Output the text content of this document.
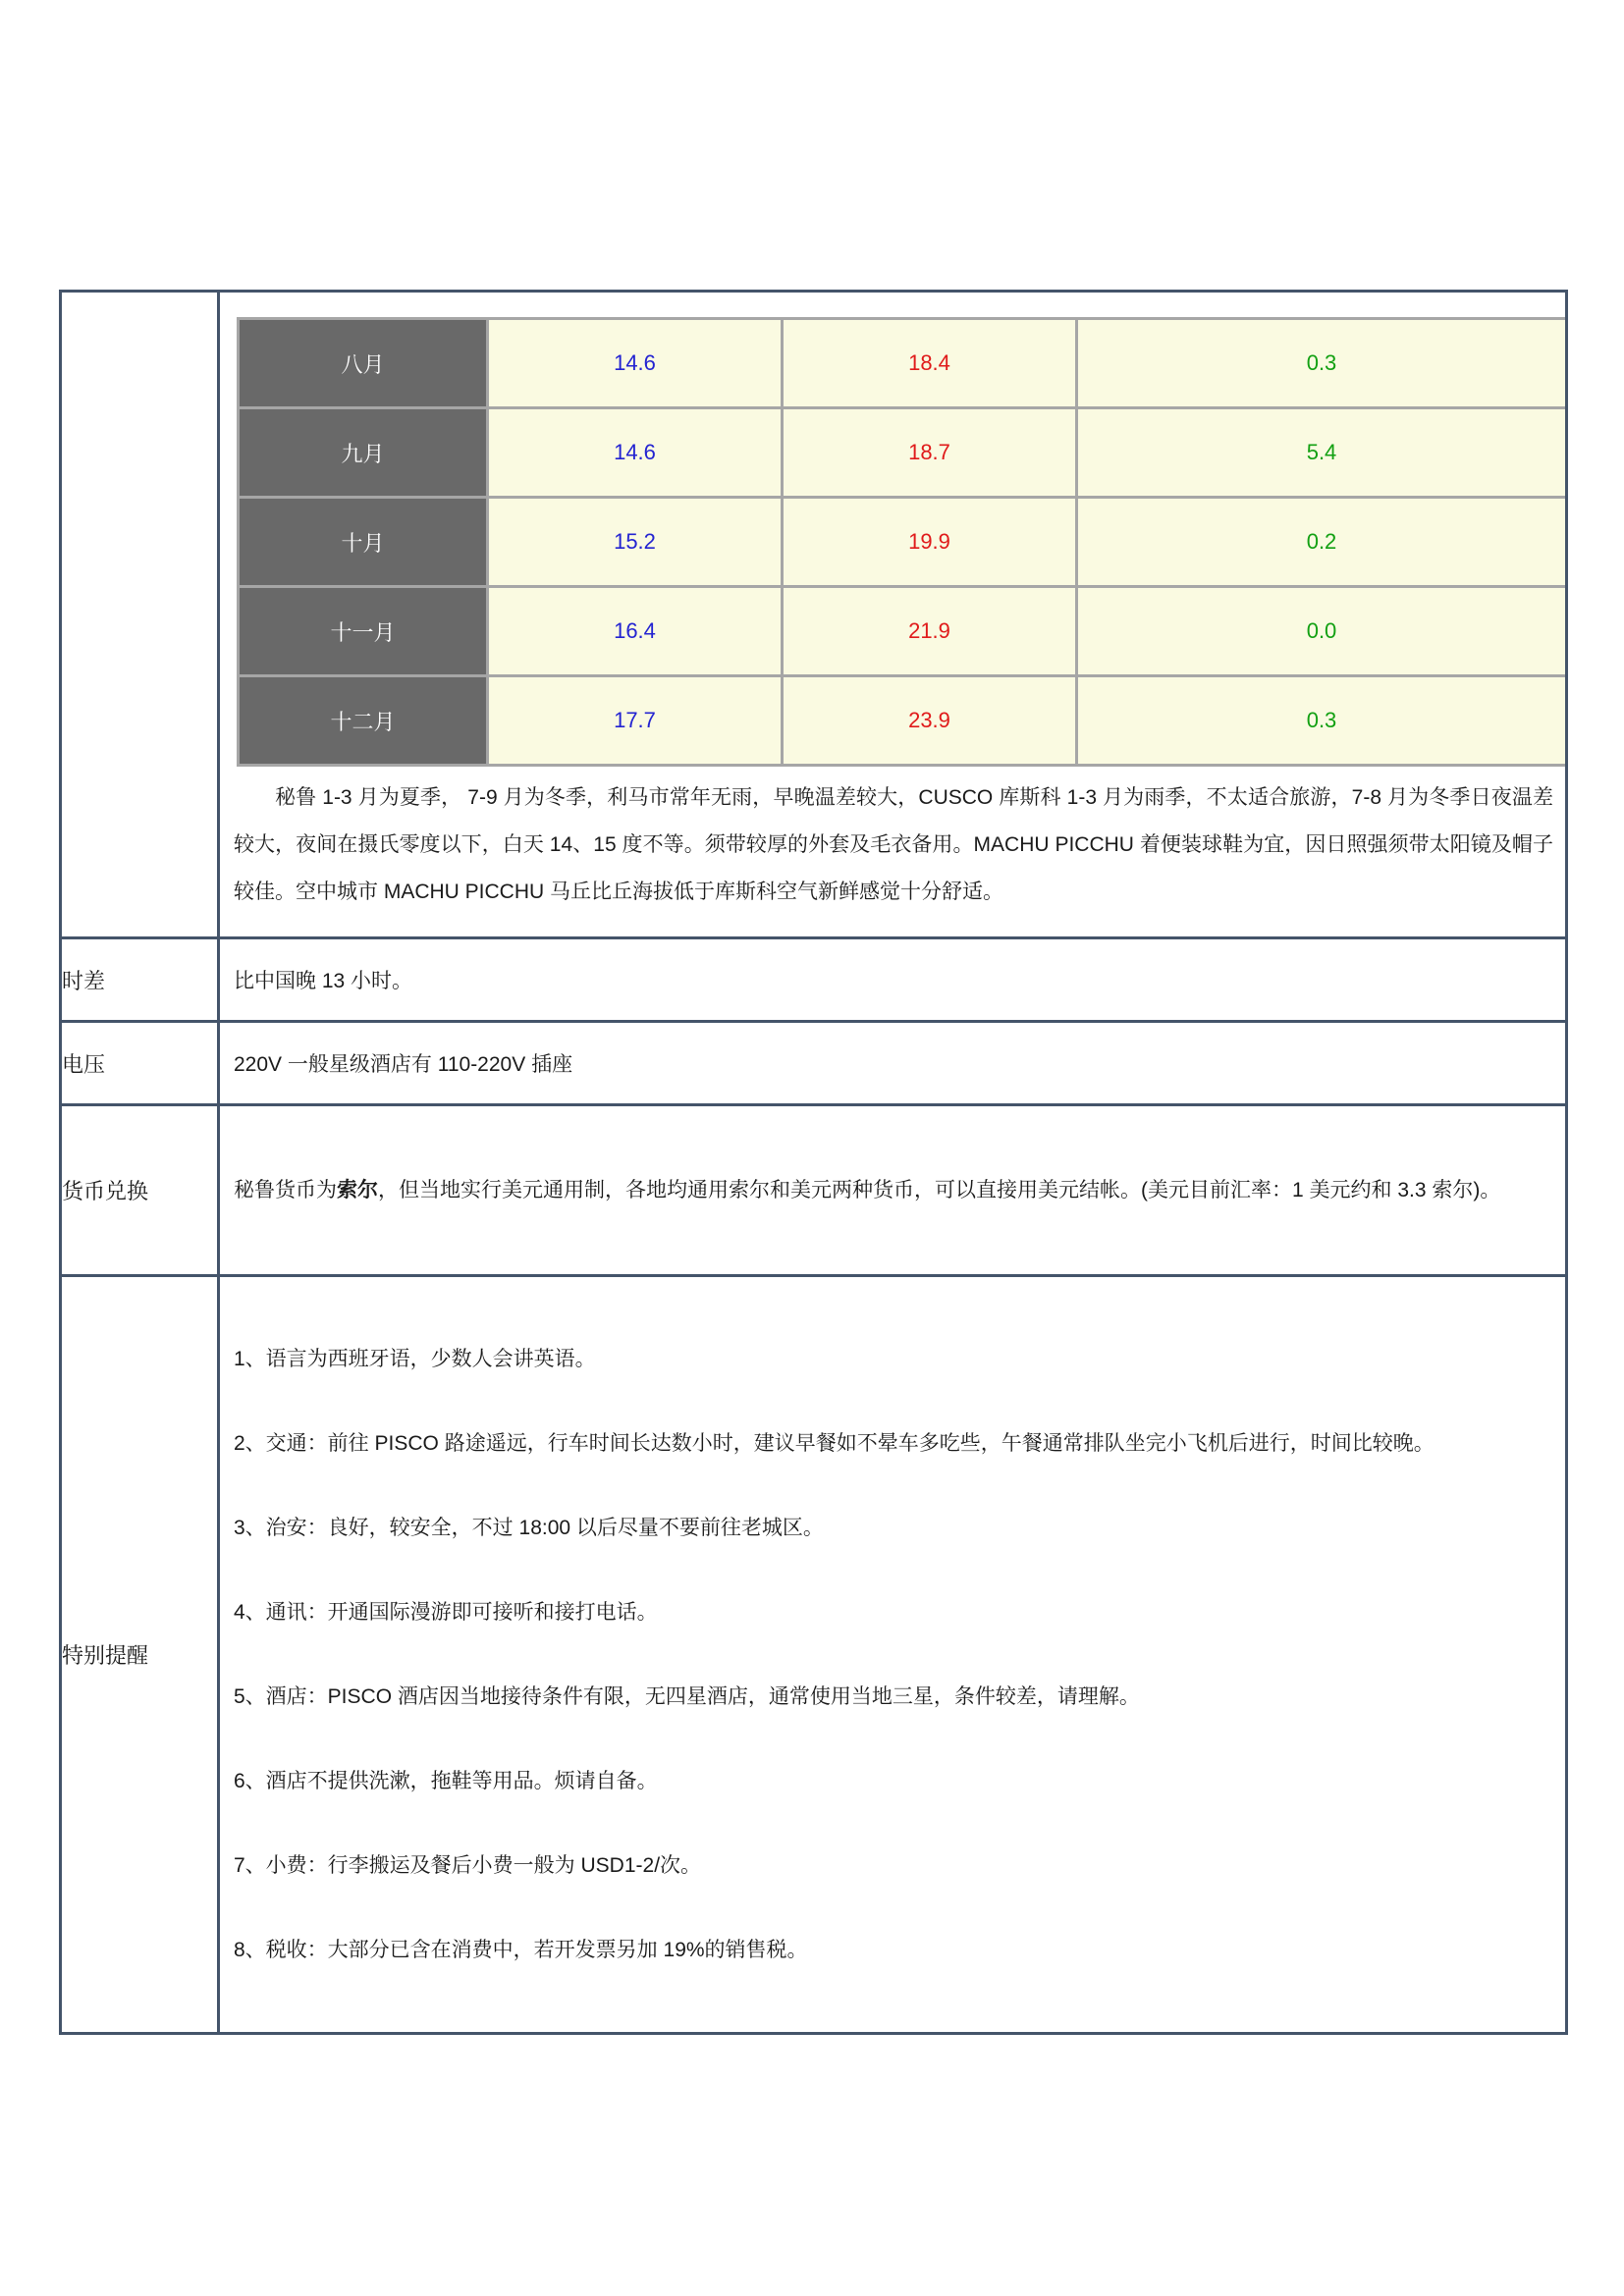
八月	14.6	18.4	0.3
九月	14.6	18.7	5.4
十月	15.2	19.9	0.2
十一月	16.4	21.9	0.0
十二月	17.7	23.9	0.3
秘鲁 1-3 月为夏季， 7-9 月为冬季，利马市常年无雨，早晚温差较大，CUSCO 库斯科 1-3 月为雨季，不太适合旅游，7-8 月为冬季日夜温差较大，夜间在摄氏零度以下，白天 14、15 度不等。须带较厚的外套及毛衣备用。MACHU PICCHU 着便装球鞋为宜，因日照强须带太阳镜及帽子较佳。空中城市 MACHU PICCHU 马丘比丘海拔低于库斯科空气新鲜感觉十分舒适。

时差	比中国晚 13 小时。

电压	220V 一般星级酒店有 110-220V 插座

货币兑换	秘鲁货币为索尔，但当地实行美元通用制，各地均通用索尔和美元两种货币，可以直接用美元结帐。(美元目前汇率：1 美元约和 3.3 索尔)。

特别提醒	
1、语言为西班牙语，少数人会讲英语。
2、交通：前往 PISCO 路途遥远，行车时间长达数小时，建议早餐如不晕车多吃些，午餐通常排队坐完小飞机后进行，时间比较晚。
3、治安：良好，较安全，不过 18:00 以后尽量不要前往老城区。
4、通讯：开通国际漫游即可接听和接打电话。
5、酒店：PISCO 酒店因当地接待条件有限，无四星酒店，通常使用当地三星，条件较差，请理解。
6、酒店不提供洗漱，拖鞋等用品。烦请自备。
7、小费：行李搬运及餐后小费一般为 USD1-2/次。
8、税收：大部分已含在消费中，若开发票另加 19%的销售税。
